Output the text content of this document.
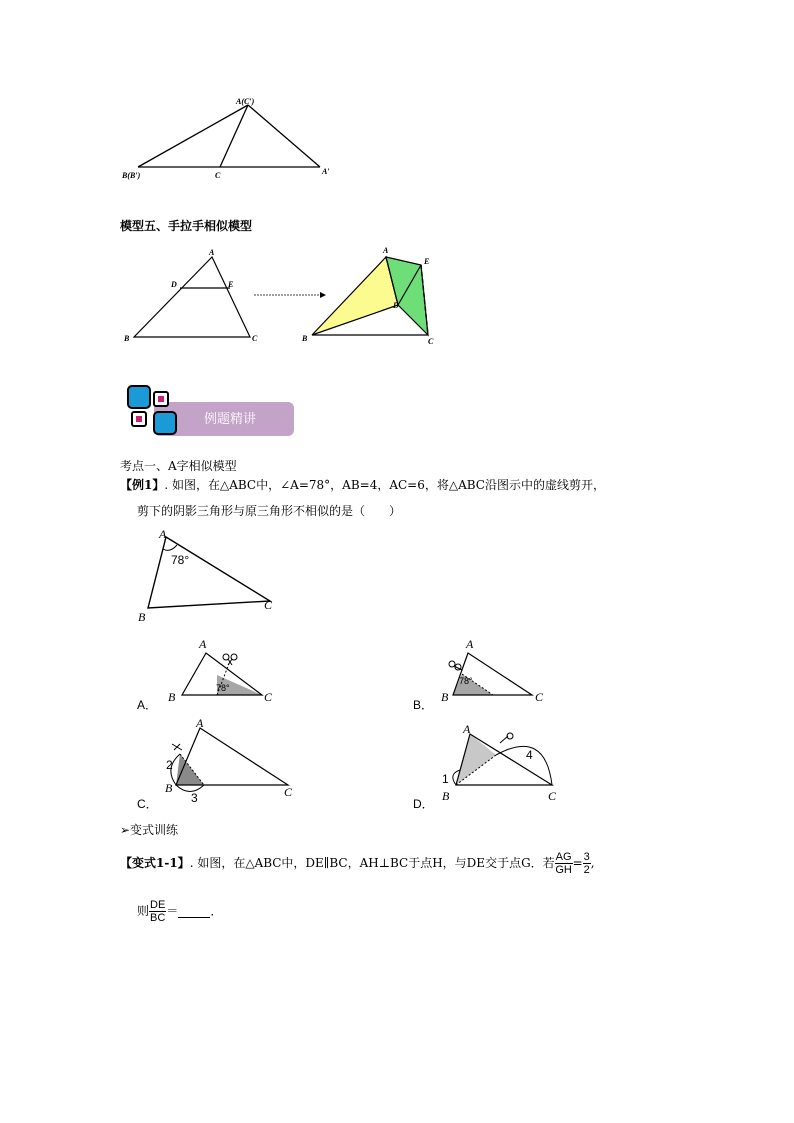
A(C′)
B(B′)	C	A′
模型五、手拉手相似模型
A
D	E
B	C
A
E
D
B	C
例题精讲
考点一、A字相似模型
【例1】. 如图，在△ABC中，∠A=78°，AB=4，AC=6，将△ABC沿图示中的虚线剪开，
剪下的阴影三角形与原三角形不相似的是（　　）
A
78°
B
C
A．
A
B	C
78°
B．
A
B	C
78°
C．
A
B	C
2
3	D．
A
B	C
1
4
➢变式训练
【变式1-1】 . 如图，在△ABC中，DE∥BC，AH⊥BC于点H，与DE交于点G．若 $\frac{AG}{GH} = \frac{3}{2}$ ,
则 $\frac{DE}{BC}$ ＝	．
